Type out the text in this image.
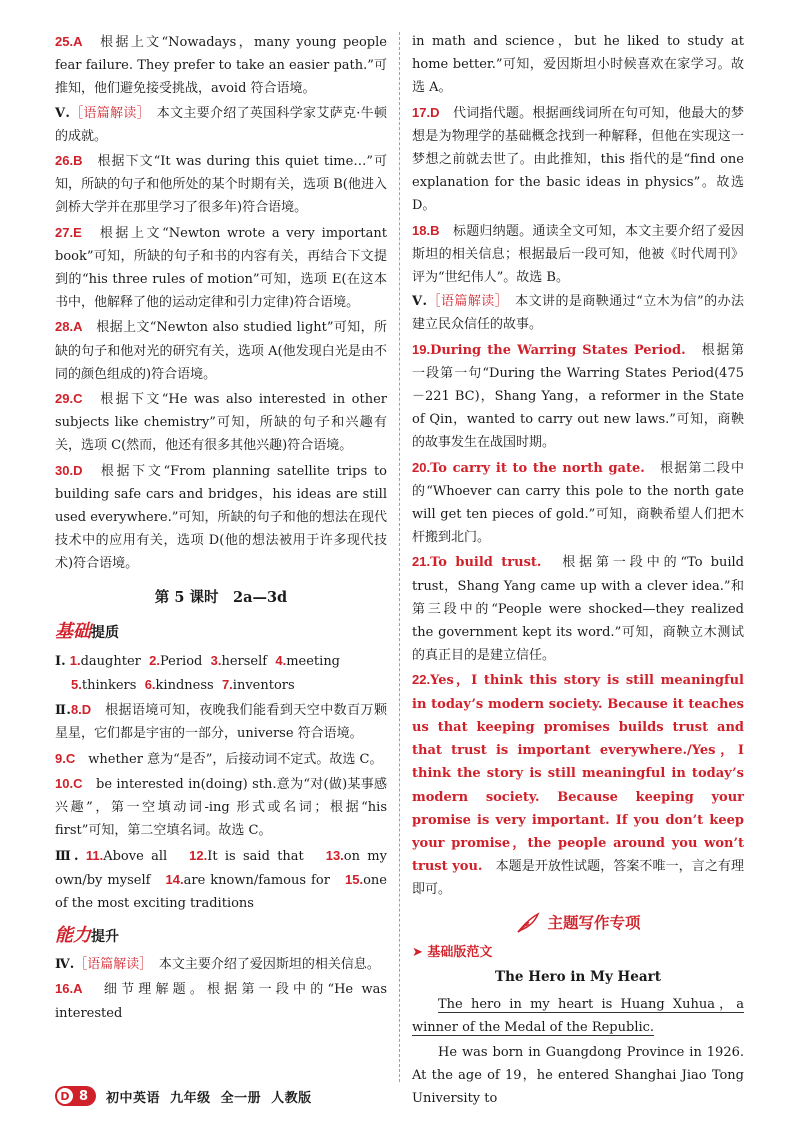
25.A　 根据上文“Nowadays，many young people fear failure. They prefer to take an easier path.”可推知，他们避免接受挑战，avoid 符合语境。

Ⅴ.［语篇解读］　 本文主要介绍了英国科学家艾萨克·牛顿的成就。

26.B　 根据下文“It was during this quiet time…”可知，所缺的句子和他所处的某个时期有关，选项 B(他进入剑桥大学并在那里学习了很多年)符合语境。

27.E　 根据上文“Newton wrote a very important book”可知，所缺的句子和书的内容有关，再结合下文提到的“his three rules of motion”可知，选项 E(在这本书中，他解释了他的运动定律和引力定律)符合语境。

28.A　 根据上文“Newton also studied light”可知，所缺的句子和他对光的研究有关，选项 A(他发现白光是由不同的颜色组成的)符合语境。

29.C　 根据下文“He was also interested in other subjects like chemistry”可知，所缺的句子和兴趣有关，选项 C(然而，他还有很多其他兴趣)符合语境。

30.D　 根据下文“From planning satellite trips to building safe cars and bridges，his ideas are still used everywhere.”可知，所缺的句子和他的想法在现代技术中的应用有关，选项 D(他的想法被用于许多现代技术)符合语境。

第 5 课时　2a—3d
基础提质
Ⅰ. 1.daughter 2.Period 3.herself 4.meeting
5.thinkers 6.kindness 7.inventors

Ⅱ.8.D　 根据语境可知，夜晚我们能看到天空中数百万颗星星，它们都是宇宙的一部分，universe 符合语境。

9.C　 whether 意为“是否”，后接动词不定式。故选 C。

10.C　 be interested in(doing) sth.意为“对(做)某事感兴趣”，第一空填动词-ing 形式或名词；根据“his first”可知，第二空填名词。故选 C。

Ⅲ. 11.Above all 12.It is said that 13.on my own/by myself 14.are known/famous for 15.one of the most exciting traditions
能力提升

Ⅳ.［语篇解读］　 本文主要介绍了爱因斯坦的相关信息。

16.A　 细节理解题。根据第一段中的“He was interested

in math and science，but he liked to study at home better.”可知，爱因斯坦小时候喜欢在家学习。故选 A。

17.D　 代词指代题。根据画线词所在句可知，他最大的梦想是为物理学的基础概念找到一种解释，但他在实现这一梦想之前就去世了。由此推知，this 指代的是“find one explanation for the basic ideas in physics”。故选 D。

18.B　 标题归纳题。通读全文可知，本文主要介绍了爱因斯坦的相关信息；根据最后一段可知，他被《时代周刊》评为“世纪伟人”。故选 B。

Ⅴ.［语篇解读］　 本文讲的是商鞅通过“立木为信”的办法建立民众信任的故事。

19.During the Warring States Period.　 根据第一段第一句“During the Warring States Period(475－221 BC)，Shang Yang，a reformer in the State of Qin，wanted to carry out new laws.”可知，商鞅的故事发生在战国时期。

20.To carry it to the north gate.　 根据第二段中的“Whoever can carry this pole to the north gate will get ten pieces of gold.”可知，商鞅希望人们把木杆搬到北门。

21.To build trust.　 根据第一段中的“To build trust，Shang Yang came up with a clever idea.”和第三段中的“People were shocked—they realized the government kept its word.”可知，商鞅立木测试的真正目的是建立信任。

22.Yes，I think this story is still meaningful in today’s modern society. Because it teaches us that keeping promises builds trust and that trust is important everywhere./Yes，I think the story is still meaningful in today’s modern society. Because keeping your promise is very important. If you don’t keep your promise，the people around you won’t trust you.　 本题是开放性试题，答案不唯一，言之有理即可。

主题写作专项
➤ 基础版范文
The Hero in My Heart

The hero in my heart is Huang Xuhua，a winner of the Medal of the Republic.

He was born in Guangdong Province in 1926. At the age of 19，he entered Shanghai Jiao Tong University to

D 8 初中英语 九年级 全一册 人教版
